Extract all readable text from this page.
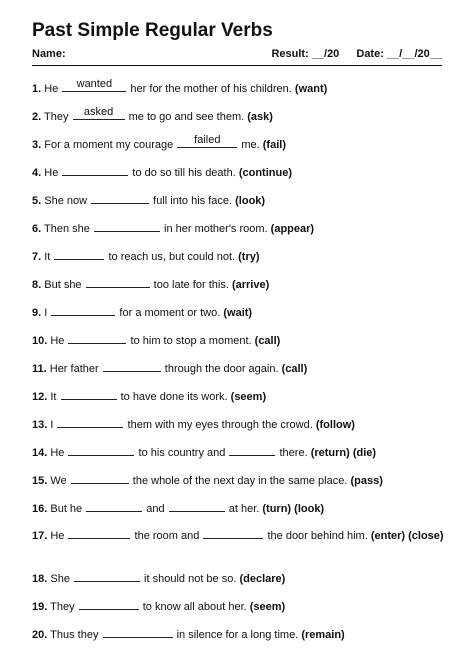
Past Simple Regular Verbs
Name:	Result: __/20 Date: __/__/20__
1. He	wanted	her for the mother of his children. (want)
2. They	asked	me to go and see them. (ask)
3. For a moment my courage	failed	me. (fail)
4. He	to do so till his death. (continue)
5. She now	full into his face. (look)
6. Then she	in her mother's room. (appear)
7. It	to reach us, but could not. (try)
8. But she	too late for this. (arrive)
9. I	for a moment or two. (wait)
10. He	to him to stop a moment. (call)
11. Her father	through the door again. (call)
12. It	to have done its work. (seem)
13. I	them with my eyes through the crowd. (follow)
14. He	to his country and	there. (return) (die)
15. We	the whole of the next day in the same place. (pass)
16. But he	and	at her. (turn) (look)
17. He	the room and	the door behind him. (enter) (close)
18. She	it should not be so. (declare)
19. They	to know all about her. (seem)
20. Thus they	in silence for a long time. (remain)
